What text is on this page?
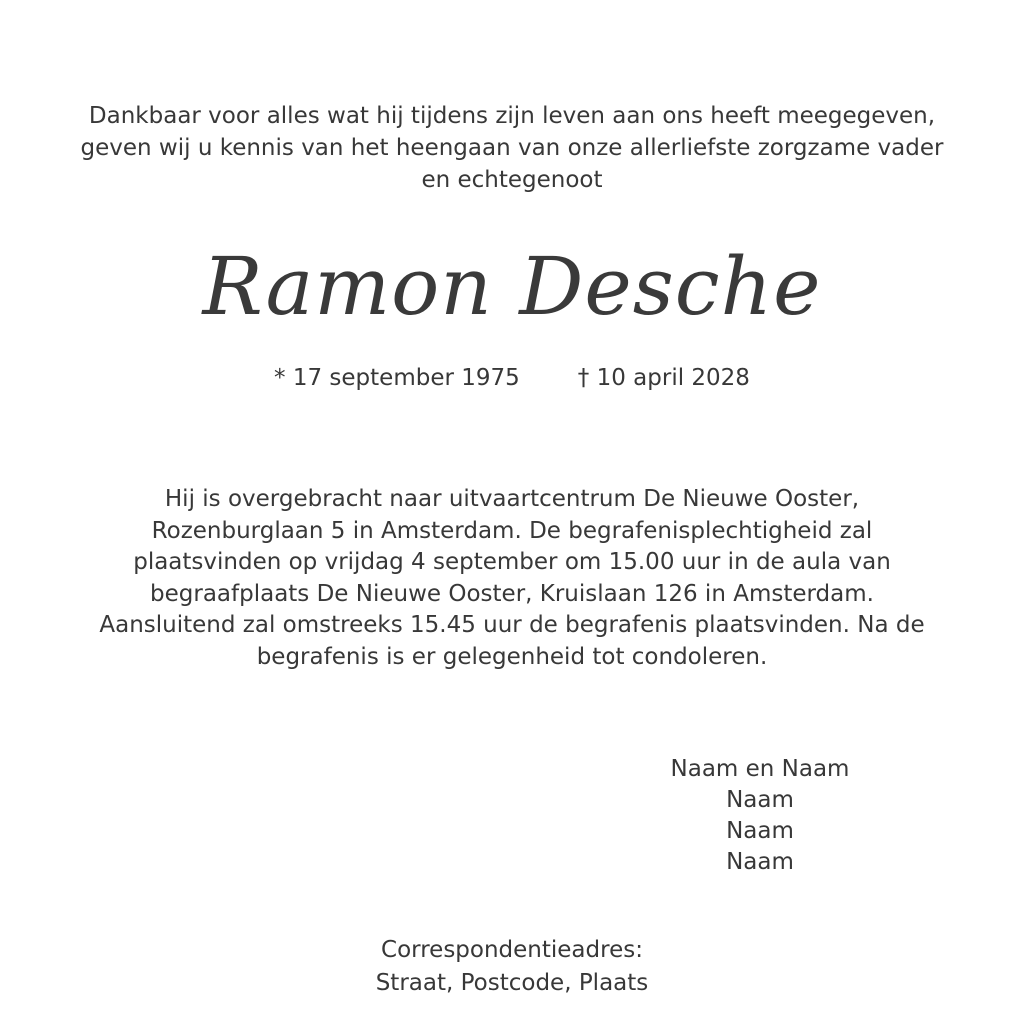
Dankbaar voor alles wat hij tijdens zijn leven aan ons heeft meegegeven,
geven wij u kennis van het heengaan van onze allerliefste zorgzame vader
en echtegenoot
Ramon Desche
* 17 september 1975	† 10 april 2028
Hij is overgebracht naar uitvaartcentrum De Nieuwe Ooster,
Rozenburglaan 5 in Amsterdam. De begrafenisplechtigheid zal
plaatsvinden op vrijdag 4 september om 15.00 uur in de aula van
begraafplaats De Nieuwe Ooster, Kruislaan 126 in Amsterdam.
Aansluitend zal omstreeks 15.45 uur de begrafenis plaatsvinden. Na de
begrafenis is er gelegenheid tot condoleren.
Naam en Naam
Naam
Naam
Naam
Correspondentieadres:
Straat, Postcode, Plaats
